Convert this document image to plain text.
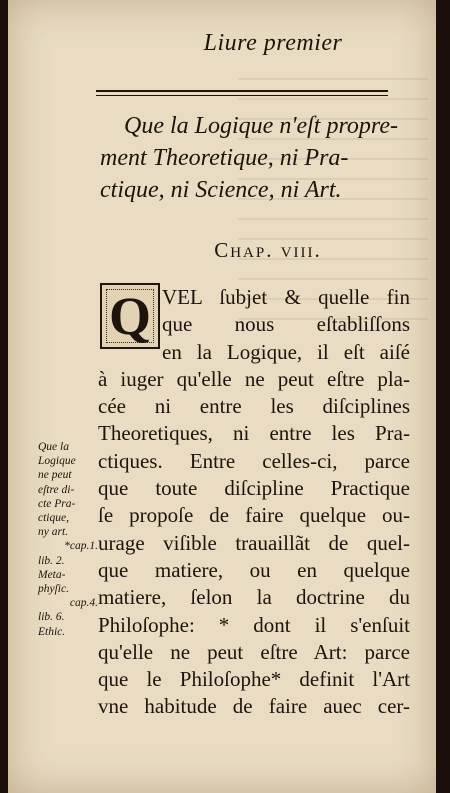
Liure premier
Que la Logique n'eſt propre-
ment Theoretique, ni Pra-
ctique, ni Science, ni Art.
Chap. viii.
Q VEL ſubjet & quelle fin
que nous eſtabliſſons
en la Logique, il eſt aiſé
à iuger qu'elle ne peut eſtre pla-
cée ni entre les diſciplines
Theoretiques, ni entre les Pra-
ctiques. Entre celles-ci, parce
que toute diſcipline Practique
ſe propoſe de faire quelque ou-
urage viſible trauaillãt de quel-
que matiere, ou en quelque
matiere, ſelon la doctrine du
Philoſophe: * dont il s'enſuit
qu'elle ne peut eſtre Art: parce
que le Philoſophe* definit l'Art
vne habitude de faire auec cer-
Que la
Logique
ne peut
eſtre di-
cte Pra-
ctique,
ny art.
*cap.1.
lib. 2.
Meta-
phyſic.
cap.4.
lib. 6.
Ethic.
